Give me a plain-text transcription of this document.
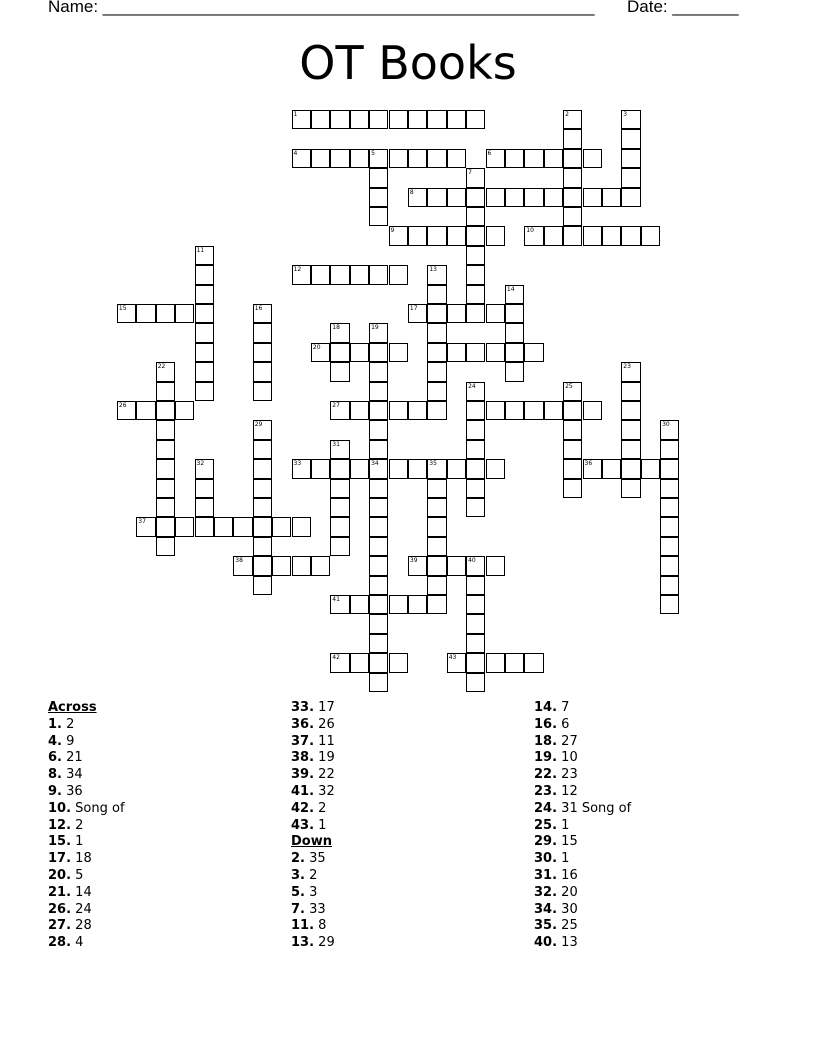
Name: ____________________________________________________ Date: _______
OT Books
1	2	3
4	5	6
7
8
9	10
11
12	13
14
15	16	17
18	19
20
22	23
24	25
26	27
29	30
31
32	33	34	35	36
37
38	39	40
41
42	43
Across
1. 2
4. 9
6. 21
8. 34
9. 36
10. Song of
12. 2
15. 1
17. 18
20. 5
21. 14
26. 24
27. 28
28. 4
33. 17
36. 26
37. 11
38. 19
39. 22
41. 32
42. 2
43. 1
Down
2. 35
3. 2
5. 3
7. 33
11. 8
13. 29
14. 7
16. 6
18. 27
19. 10
22. 23
23. 12
24. 31 Song of
25. 1
29. 15
30. 1
31. 16
32. 20
34. 30
35. 25
40. 13
